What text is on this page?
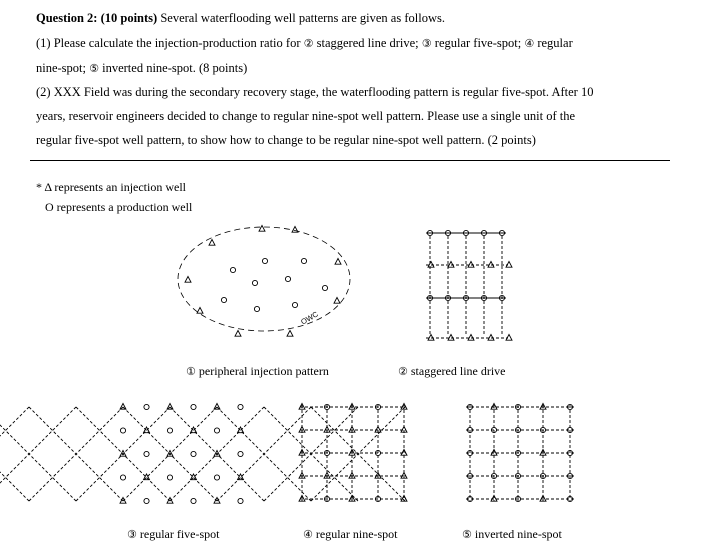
Question 2: (10 points) Several waterflooding well patterns are given as follows.
(1) Please calculate the injection-production ratio for ② staggered line drive; ③ regular five-spot; ④ regular
nine-spot; ⑤ inverted nine-spot. (8 points)
(2) XXX Field was during the secondary recovery stage, the waterflooding pattern is regular five-spot. After 10
years, reservoir engineers decided to change to regular nine-spot well pattern. Please use a single unit of the
regular five-spot well pattern, to show how to change to be regular nine-spot well pattern. (2 points)
* Δ represents an injection well
O represents a production well
OWC
① peripheral injection pattern	② staggered line drive
③ regular five-spot	④ regular nine-spot	⑤ inverted nine-spot
